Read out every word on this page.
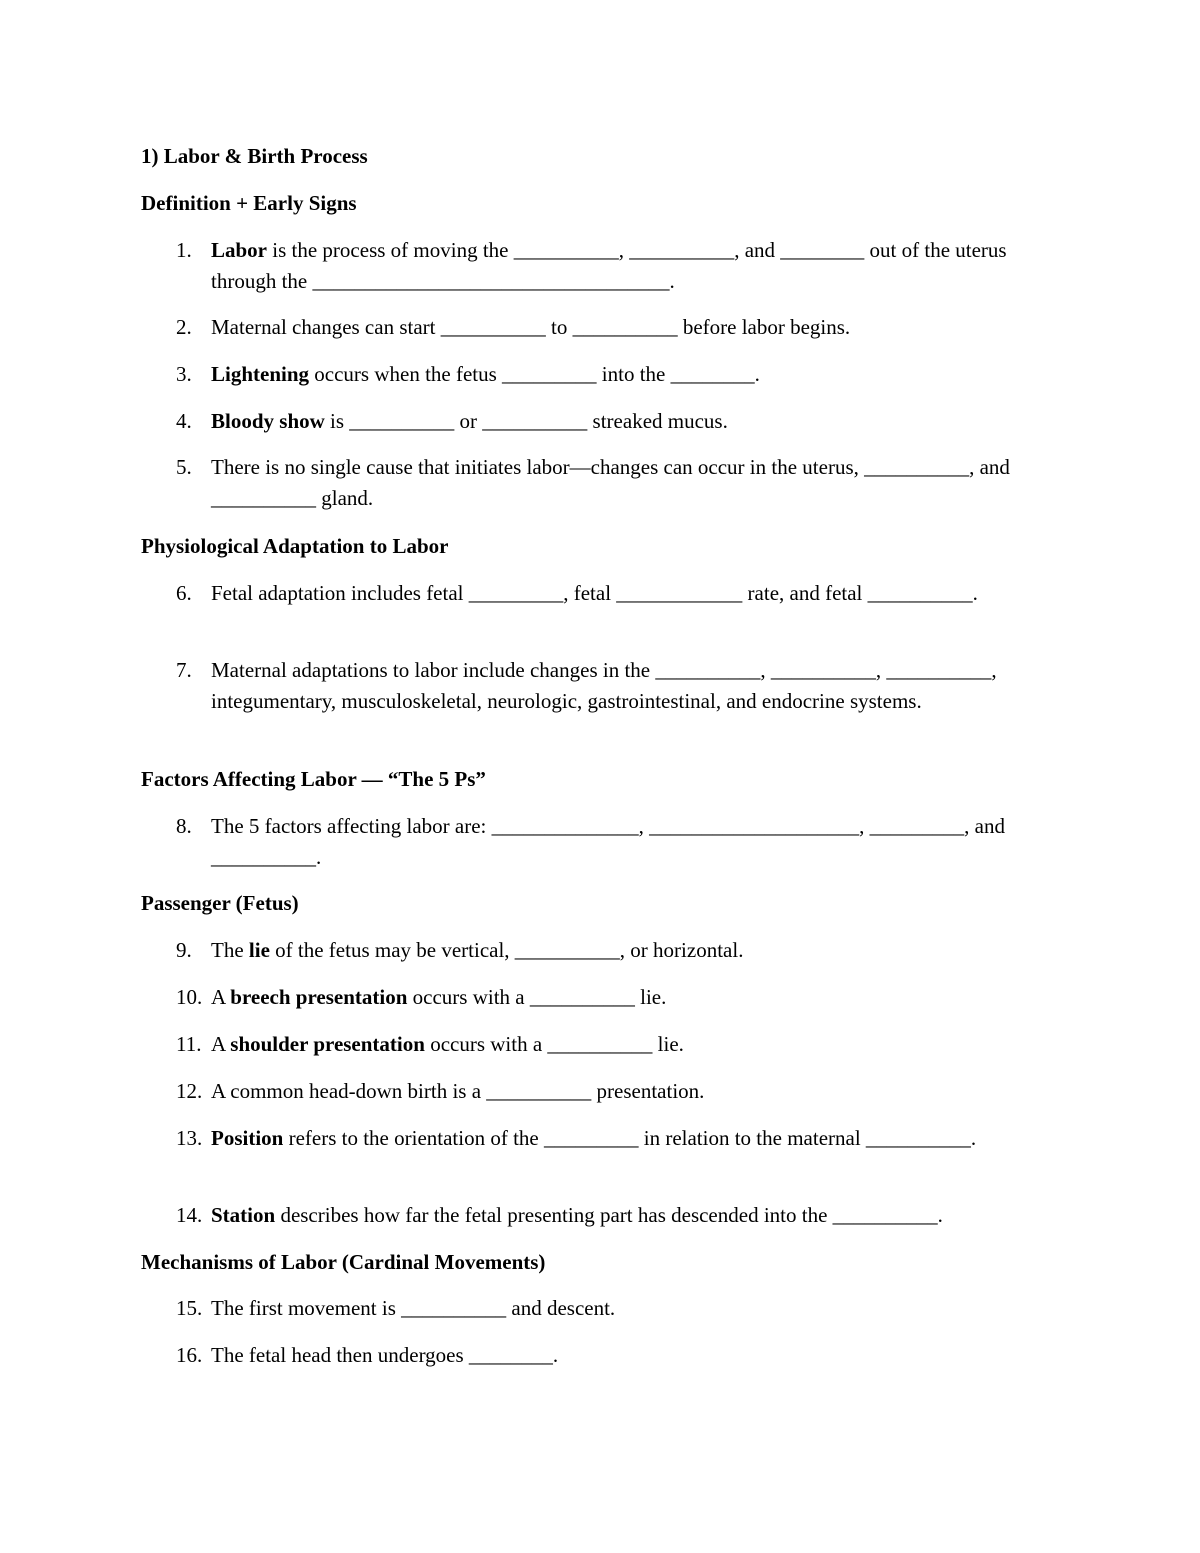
1) Labor & Birth Process
Definition + Early Signs
1. Labor is the process of moving the __________, __________, and ________ out of the uterus through the __________________________________.
2. Maternal changes can start __________ to __________ before labor begins.
3. Lightening occurs when the fetus _________ into the ________.
4. Bloody show is __________ or __________ streaked mucus.
5. There is no single cause that initiates labor—changes can occur in the uterus, __________, and __________ gland.
Physiological Adaptation to Labor
6. Fetal adaptation includes fetal _________, fetal ____________ rate, and fetal __________.
7. Maternal adaptations to labor include changes in the __________, __________, __________, integumentary, musculoskeletal, neurologic, gastrointestinal, and endocrine systems.
Factors Affecting Labor — “The 5 Ps”
8. The 5 factors affecting labor are: ______________, ____________________, _________, and __________.
Passenger (Fetus)
9. The lie of the fetus may be vertical, __________, or horizontal.
10. A breech presentation occurs with a __________ lie.
11. A shoulder presentation occurs with a __________ lie.
12. A common head-down birth is a __________ presentation.
13. Position refers to the orientation of the _________ in relation to the maternal __________.
14. Station describes how far the fetal presenting part has descended into the __________.
Mechanisms of Labor (Cardinal Movements)
15. The first movement is __________ and descent.
16. The fetal head then undergoes ________.
